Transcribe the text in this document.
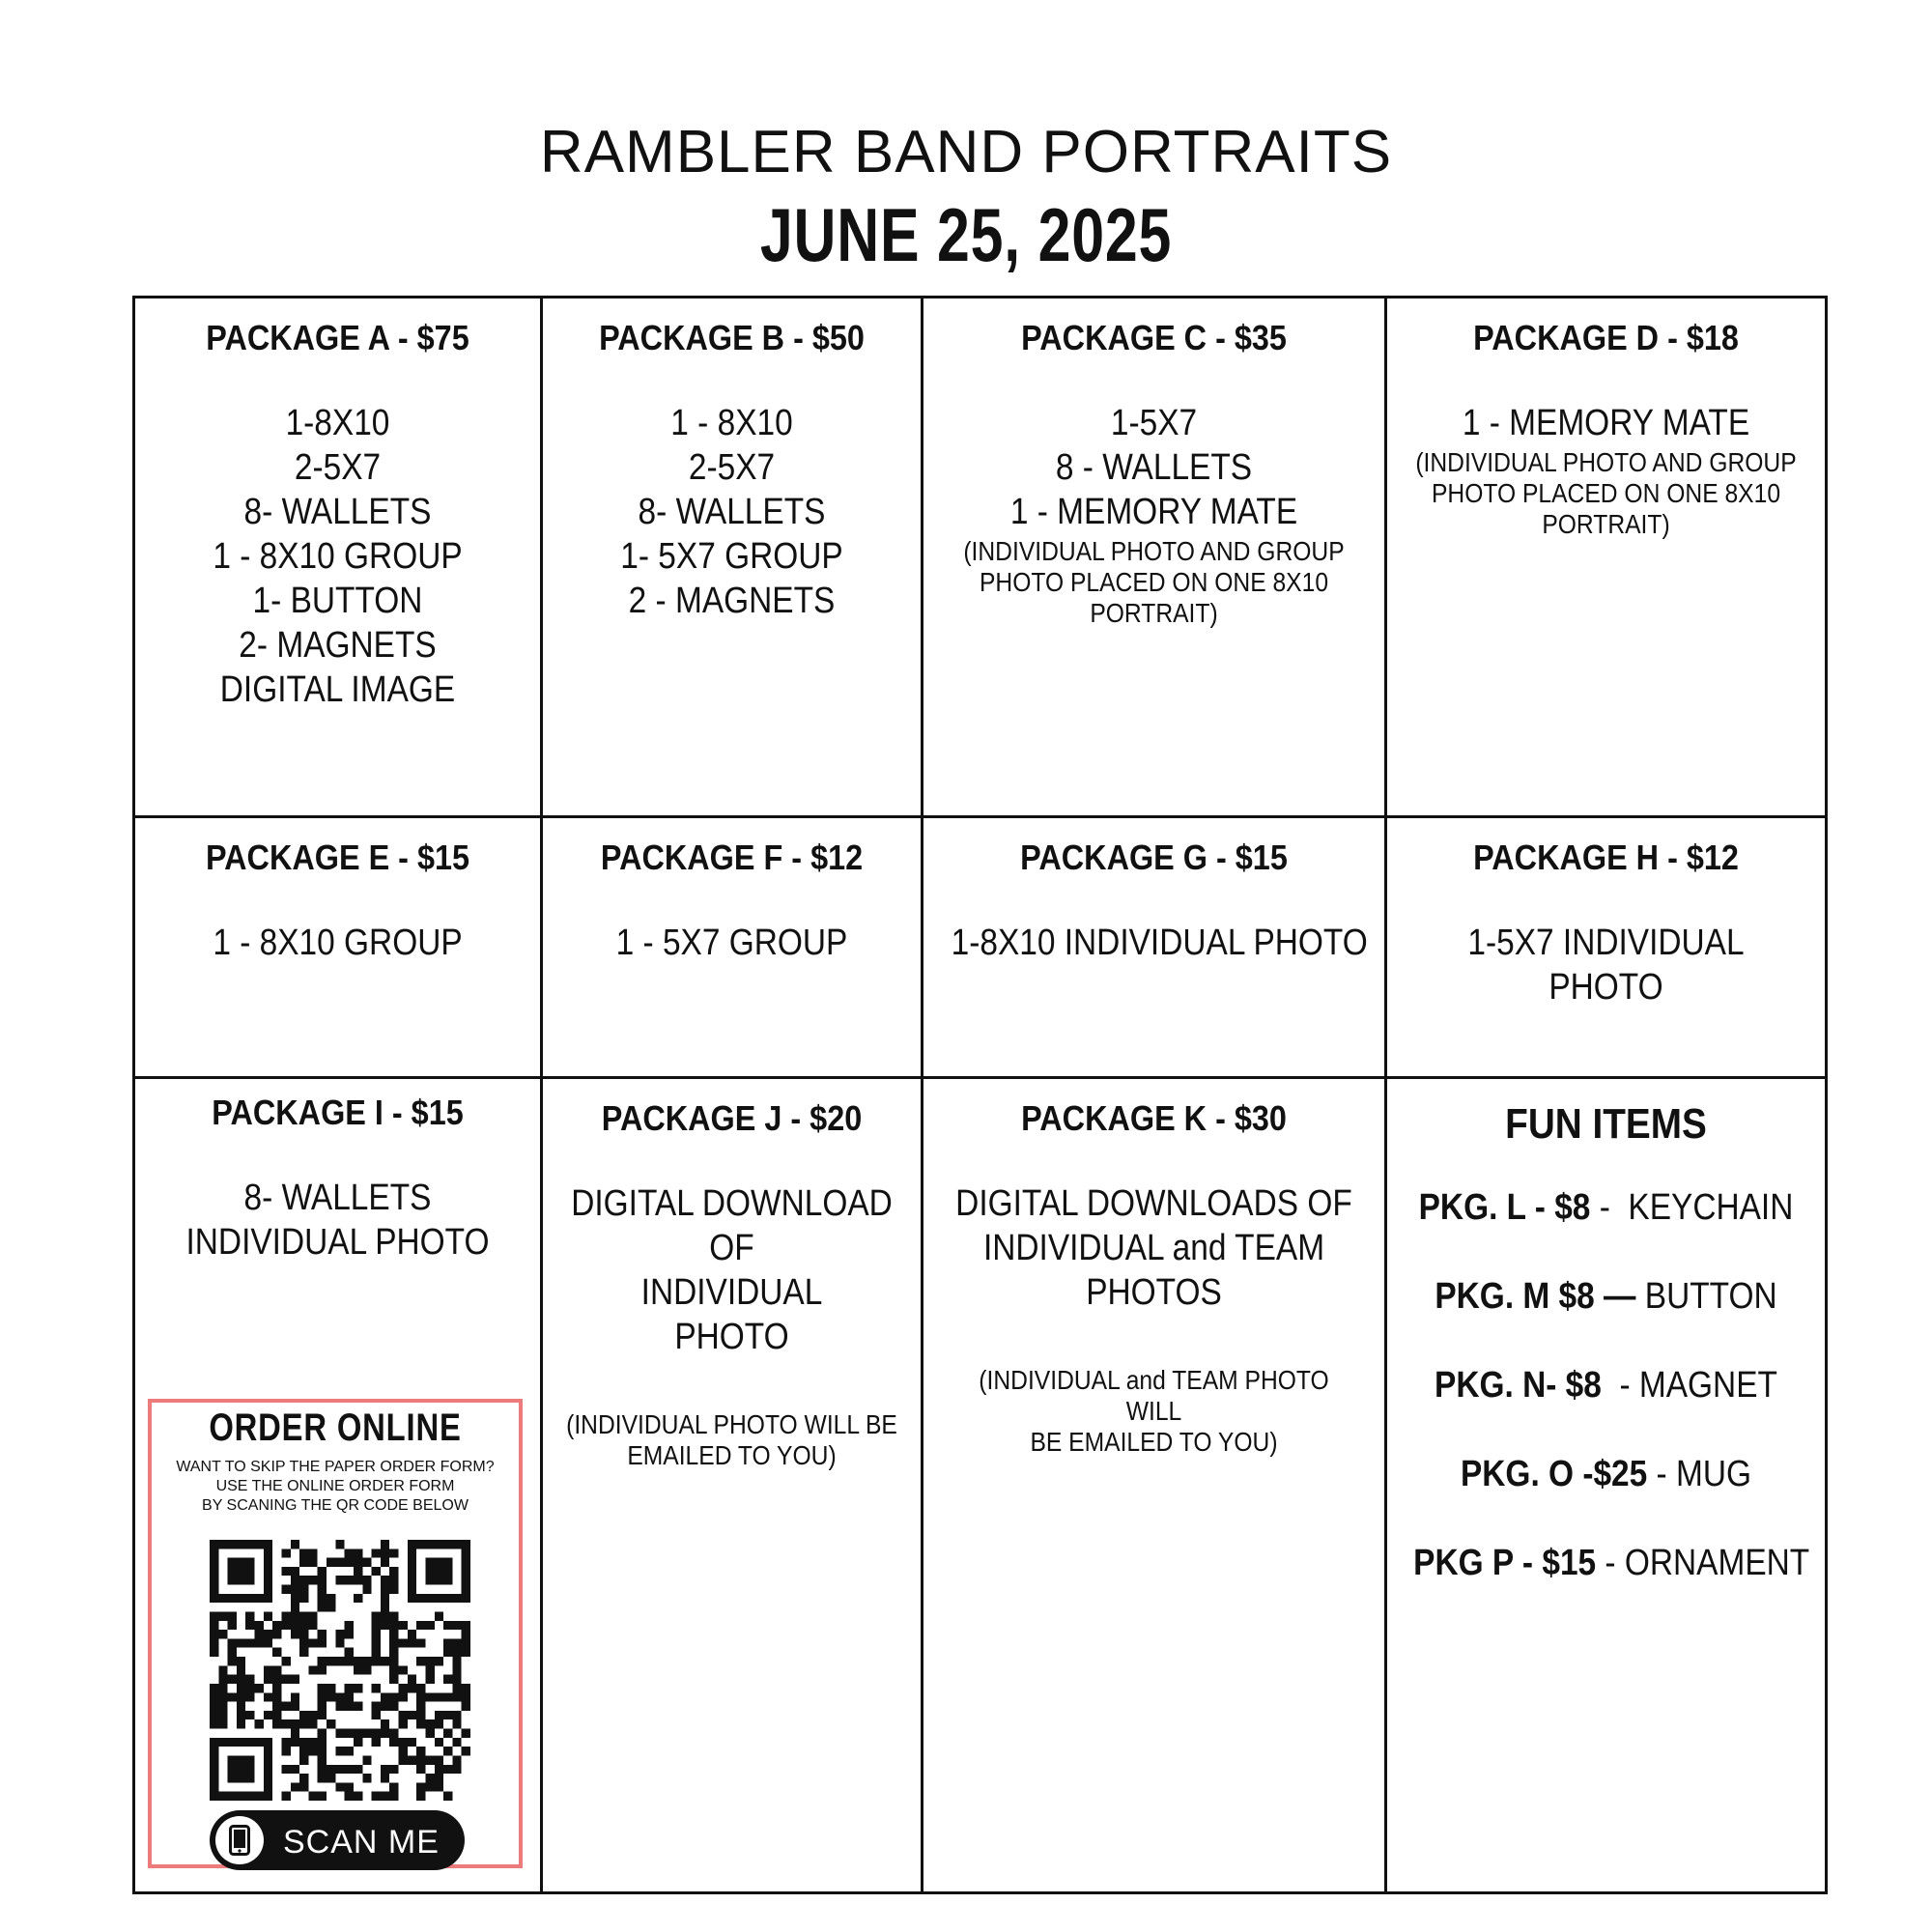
RAMBLER BAND PORTRAITS
JUNE 25, 2025
PACKAGE A - $75
1-8X10
2-5X7
8- WALLETS
1 - 8X10 GROUP
1- BUTTON
2- MAGNETS
DIGITAL IMAGE
PACKAGE B - $50
1 - 8X10
2-5X7
8- WALLETS
1- 5X7 GROUP
2 - MAGNETS
PACKAGE C - $35
1-5X7
8 - WALLETS
1 - MEMORY MATE
(INDIVIDUAL PHOTO AND GROUP
PHOTO PLACED ON ONE 8X10
PORTRAIT)
PACKAGE D - $18
1 - MEMORY MATE
(INDIVIDUAL PHOTO AND GROUP
PHOTO PLACED ON ONE 8X10
PORTRAIT)
PACKAGE E - $15
1 - 8X10 GROUP
PACKAGE F - $12
1 - 5X7 GROUP
PACKAGE G - $15
1-8X10 INDIVIDUAL PHOTO
PACKAGE H - $12
1-5X7 INDIVIDUAL
PHOTO
PACKAGE I - $15
8- WALLETS
INDIVIDUAL PHOTO
PACKAGE J - $20
DIGITAL DOWNLOAD
OF
INDIVIDUAL
PHOTO
(INDIVIDUAL PHOTO WILL BE
EMAILED TO YOU)
PACKAGE K - $30
DIGITAL DOWNLOADS OF
INDIVIDUAL and TEAM
PHOTOS
(INDIVIDUAL and TEAM PHOTO WILL
BE EMAILED TO YOU)
FUN ITEMS
PKG. L - $8 -  KEYCHAIN
PKG. M $8 — BUTTON
PKG. N- $8  - MAGNET
PKG. O -$25 - MUG
PKG P - $15 - ORNAMENT
ORDER ONLINE
WANT TO SKIP THE PAPER ORDER FORM?
USE THE ONLINE ORDER FORM
BY SCANING THE QR CODE BELOW
SCAN ME
